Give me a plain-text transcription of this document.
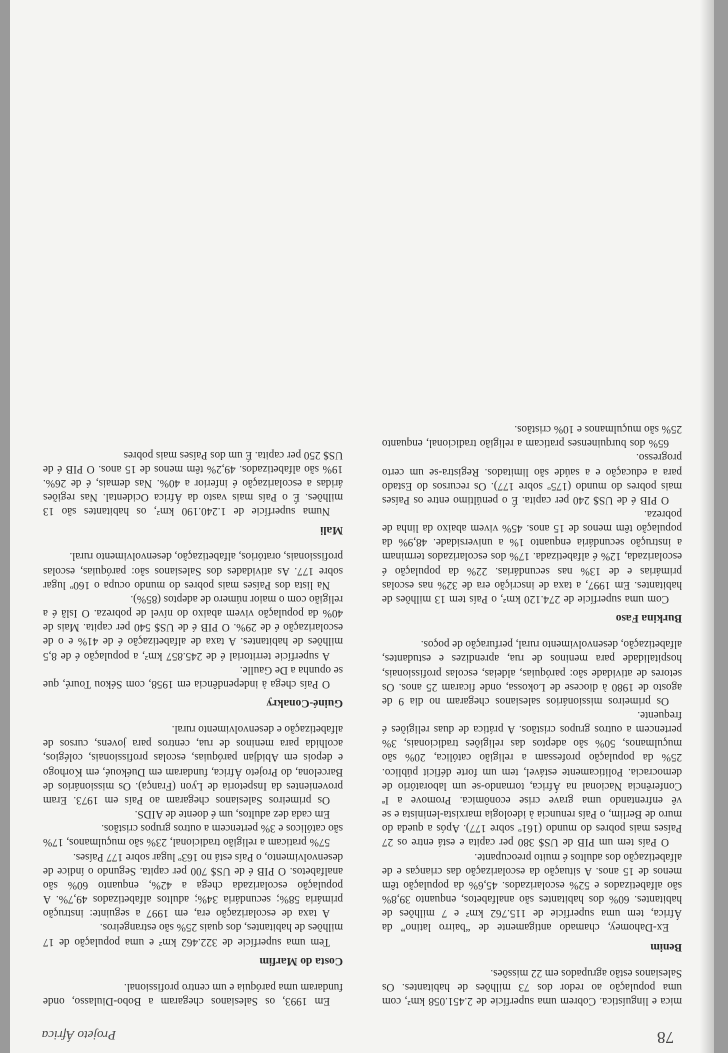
78
Projeto África

mica e linguística. Cobrem uma superfície de 2.451.058 km², com uma população ao redor dos 73 milhões de habitantes. Os Salesianos estão agrupados em 22 missões.

Benim

Ex-Dahomey, chamado antigamente de “bairro latino” da África, tem uma superfície de 115.762 km² e 7 milhões de habitantes. 60% dos habitantes são analfabetos, enquanto 39,8% são alfabetizados e 52% escolarizados. 45,6% da população têm menos de 15 anos. A situação da escolarização das crianças e de alfabetização dos adultos é muito preocupante.

O País tem um PIB de US$ 380 per capita e está entre os 27 Países mais pobres do mundo (161º sobre 177). Após a queda do muro de Berlim, o País renuncia à ideologia marxista-leninista e se vê enfrentando uma grave crise econômica. Promove a Iª Conferência Nacional na África, tornando-se um laboratório de democracia. Politicamente estável, tem um forte déficit público. 25% da população professam a religião católica, 20% são muçulmanos, 50% são adeptos das religiões tradicionais, 3% pertencem a outros grupos cristãos. A prática de duas religiões é frequente.

Os primeiros missionários salesianos chegaram no dia 9 de agosto de 1980 à diocese de Lokossa, onde ficaram 25 anos. Os setores de atividade são: paróquias, aldeias, escolas profissionais, hospitalidade para meninos de rua, aprendizes e estudantes, alfabetização, desenvolvimento rural, perfuração de poços.

Burkina Faso

Com uma superfície de 274.120 km², o País tem 13 milhões de habitantes. Em 1997, a taxa de inscrição era de 32% nas escolas primárias e de 13% nas secundárias. 22% da população é escolarizada, 12% é alfabetizada. 17% dos escolarizados terminam a instrução secundária enquanto 1% a universidade. 48,9% da população têm menos de 15 anos. 45% vivem abaixo da linha de pobreza.

O PIB é de US$ 240 per capita. É o penúltimo entre os Países mais pobres do mundo (175º sobre 177). Os recursos do Estado para a educação e a saúde são limitados. Registra-se um certo progresso.

65% dos burquinenses praticam a religião tradicional, enquanto 25% são muçulmanos e 10% cristãos.

Em 1993, os Salesianos chegaram a Bobo-Diulasso, onde fundaram uma paróquia e um centro profissional.

Costa do Marfim

Tem uma superfície de 322.462 km² e uma população de 17 milhões de habitantes, dos quais 25% são estrangeiros.

A taxa de escolarização era, em 1997 a seguinte: instrução primária 58%; secundária 34%; adultos alfabetizados 49,7%. A população escolarizada chega a 42%, enquanto 60% são analfabetos. O PIB é de US$ 700 per capita. Segundo o índice de desenvolvimento, o País está no 163º lugar sobre 177 Países.

57% praticam a religião tradicional, 23% são muçulmanos, 17% são católicos e 3% pertencem a outros grupos cristãos.

Em cada dez adultos, um é doente de AIDS.

Os primeiros Salesianos chegaram ao País em 1973. Eram provenientes da Inspetoria de Lyon (França). Os missionários de Barcelona, do Projeto África, fundaram em Duékoué, em Korhogo e depois em Abidjan paróquias, escolas profissionais, colégios, acolhida para meninos de rua, centros para jovens, cursos de alfabetização e desenvolvimento rural.

Guiné-Conakry

O País chega à independência em 1958, com Sékou Touré, que se opunha a De Gaulle.

A superfície territorial é de 245.857 km², a população é de 8,5 milhões de habitantes. A taxa de alfabetização é de 41% e o de escolarização é de 29%. O PIB é de US$ 540 per capita. Mais de 40% da população vivem abaixo do nível de pobreza. O Islã é a religião com o maior número de adeptos (85%).

Na lista dos Países mais pobres do mundo ocupa o 160º lugar sobre 177. As atividades dos Salesianos são: paróquias, escolas profissionais, oratórios, alfabetização, desenvolvimento rural.

Mali

Numa superfície de 1.240.190 km², os habitantes são 13 milhões. É o País mais vasto da África Ocidental. Nas regiões áridas a escolarização é inferior a 40%. Nas demais, é de 26%. 19% são alfabetizados. 49,2% têm menos de 15 anos. O PIB é de US$ 250 per capita. É um dos Países mais pobres
